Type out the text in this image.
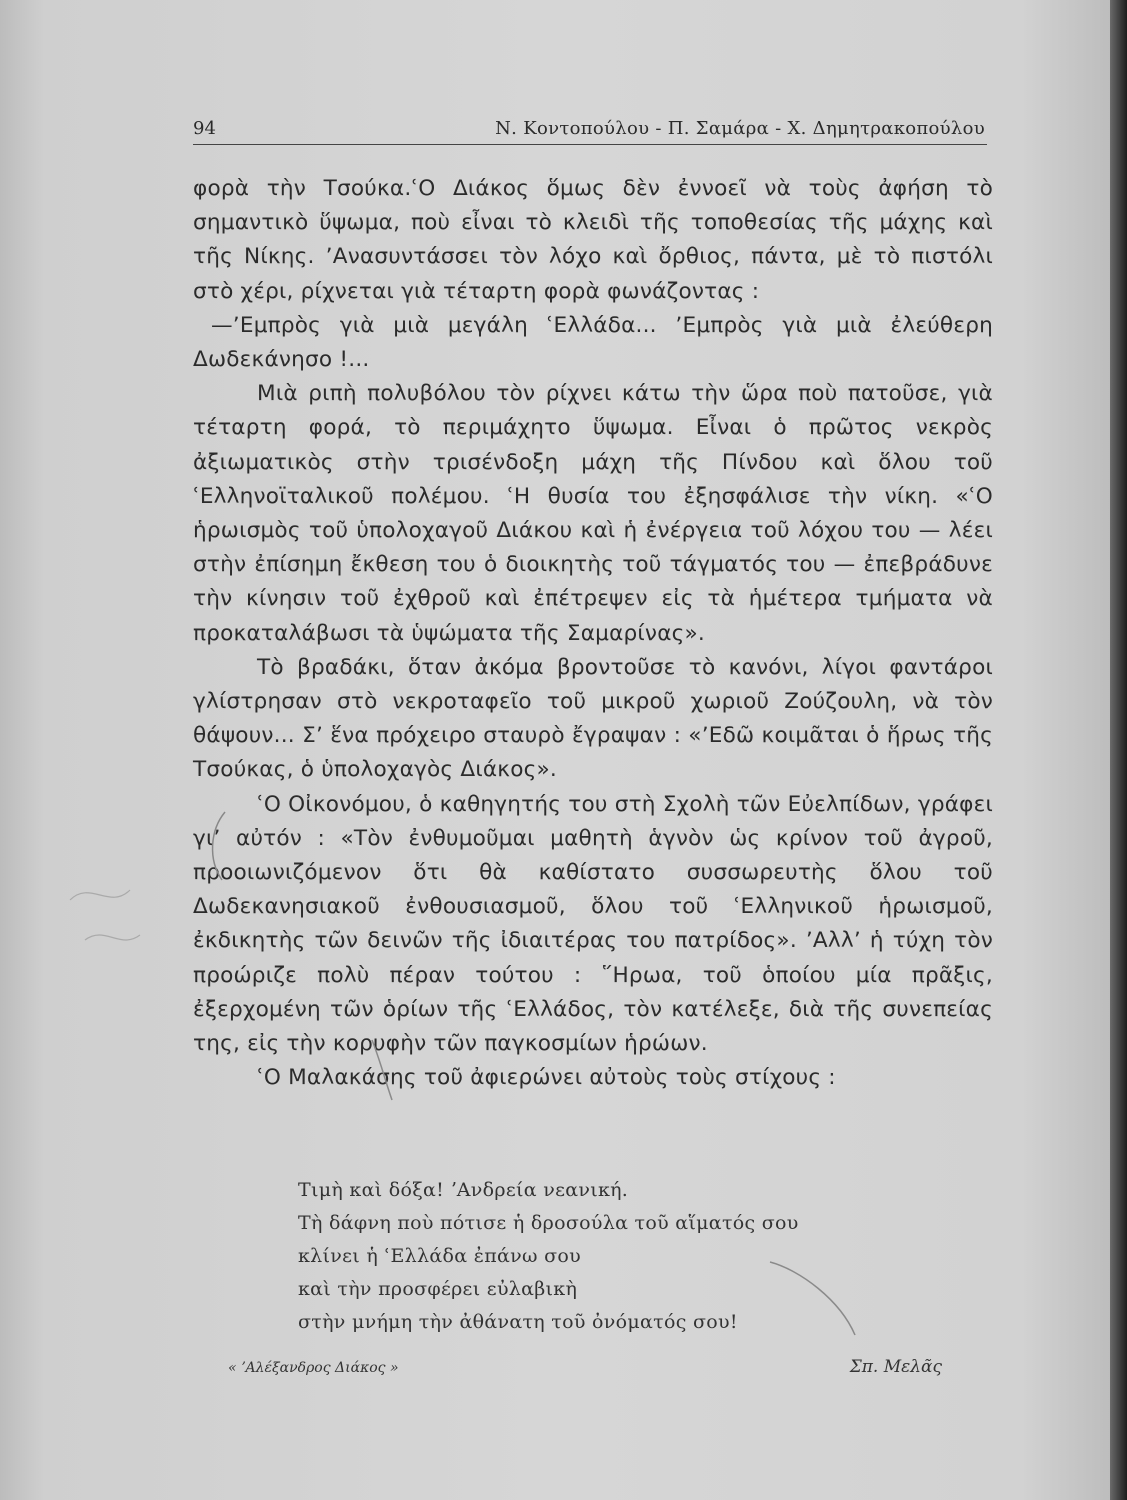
94	Ν. Κοντοπούλου - Π. Σαμάρα - Χ. Δημητρακοπούλου

φορὰ τὴν Τσούκα.ʿΟ Διάκος ὅμως δὲν ἐννοεῖ νὰ τοὺς ἀφήση τὸ σημαντικὸ ὕψωμα, ποὺ εἶναι τὸ κλειδὶ τῆς τοποθεσίας τῆς μάχης καὶ τῆς Νίκης. ʼΑνασυντάσσει τὸν λόχο καὶ ὄρθιος, πάντα, μὲ τὸ πιστόλι στὸ χέρι, ρίχνεται γιὰ τέταρτη φορὰ φωνάζοντας :

—ʼΕμπρὸς γιὰ μιὰ μεγάλη ʿΕλλάδα... ʼΕμπρὸς γιὰ μιὰ ἐλεύθερη Δωδεκάνησο !...

Μιὰ ριπὴ πολυβόλου τὸν ρίχνει κάτω τὴν ὥρα ποὺ πατοῦσε, γιὰ τέταρτη φορά, τὸ περιμάχητο ὕψωμα. Εἶναι ὁ πρῶτος νεκρὸς ἀξιωματικὸς στὴν τρισένδοξη μάχη τῆς Πίνδου καὶ ὅλου τοῦ ʿΕλληνοϊταλικοῦ πολέμου. ʿΗ θυσία του ἐξησφάλισε τὴν νίκη. «ʿΟ ἡρωισμὸς τοῦ ὑπολοχαγοῦ Διάκου καὶ ἡ ἐνέργεια τοῦ λόχου του — λέει στὴν ἐπίσημη ἔκθεση του ὁ διοικητὴς τοῦ τάγματός του — ἐπεβράδυνε τὴν κίνησιν τοῦ ἐχθροῦ καὶ ἐπέτρεψεν εἰς τὰ ἡμέτερα τμήματα νὰ προκαταλάβωσι τὰ ὑψώματα τῆς Σαμαρίνας».

Τὸ βραδάκι, ὅταν ἀκόμα βροντοῦσε τὸ κανόνι, λίγοι φαντάροι γλίστρησαν στὸ νεκροταφεῖο τοῦ μικροῦ χωριοῦ Ζούζουλη, νὰ τὸν θάψουν... Σʼ ἕνα πρόχειρο σταυρὸ ἔγραψαν : «ʼΕδῶ κοιμᾶται ὁ ἥρως τῆς Τσούκας, ὁ ὑπολοχαγὸς Διάκος».

ʿΟ Οἰκονόμου, ὁ καθηγητής του στὴ Σχολὴ τῶν Εὐελπίδων, γράφει γιʼ αὐτόν : «Τὸν ἐνθυμοῦμαι μαθητὴ ἁγνὸν ὡς κρίνον τοῦ ἀγροῦ, προοιωνιζόμενον ὅτι θὰ καθίστατο συσσωρευτὴς ὅλου τοῦ Δωδεκανησιακοῦ ἐνθουσιασμοῦ, ὅλου τοῦ ʿΕλληνικοῦ ἡρωισμοῦ, ἐκδικητὴς τῶν δεινῶν τῆς ἰδιαιτέρας του πατρίδος». ʼΑλλʼ ἡ τύχη τὸν προώριζε πολὺ πέραν τούτου : ῞Ηρωα, τοῦ ὁποίου μία πρᾶξις, ἐξερχομένη τῶν ὁρίων τῆς ʿΕλλάδος, τὸν κατέλεξε, διὰ τῆς συνεπείας της, εἰς τὴν κορυφὴν τῶν παγκοσμίων ἡρώων.

ʿΟ Μαλακάσης τοῦ ἀφιερώνει αὐτοὺς τοὺς στίχους :

Τιμὴ καὶ δόξα! ʼΑνδρεία νεανική.
Τὴ δάφνη ποὺ πότισε ἡ δροσούλα τοῦ αἵματός σου
κλίνει ἡ ʿΕλλάδα ἐπάνω σου
καὶ τὴν προσφέρει εὐλαβικὴ
στὴν μνήμη τὴν ἀθάνατη τοῦ ὀνόματός σου!
« ʼΑλέξανδρος Διάκος »	Σπ. Μελᾶς
